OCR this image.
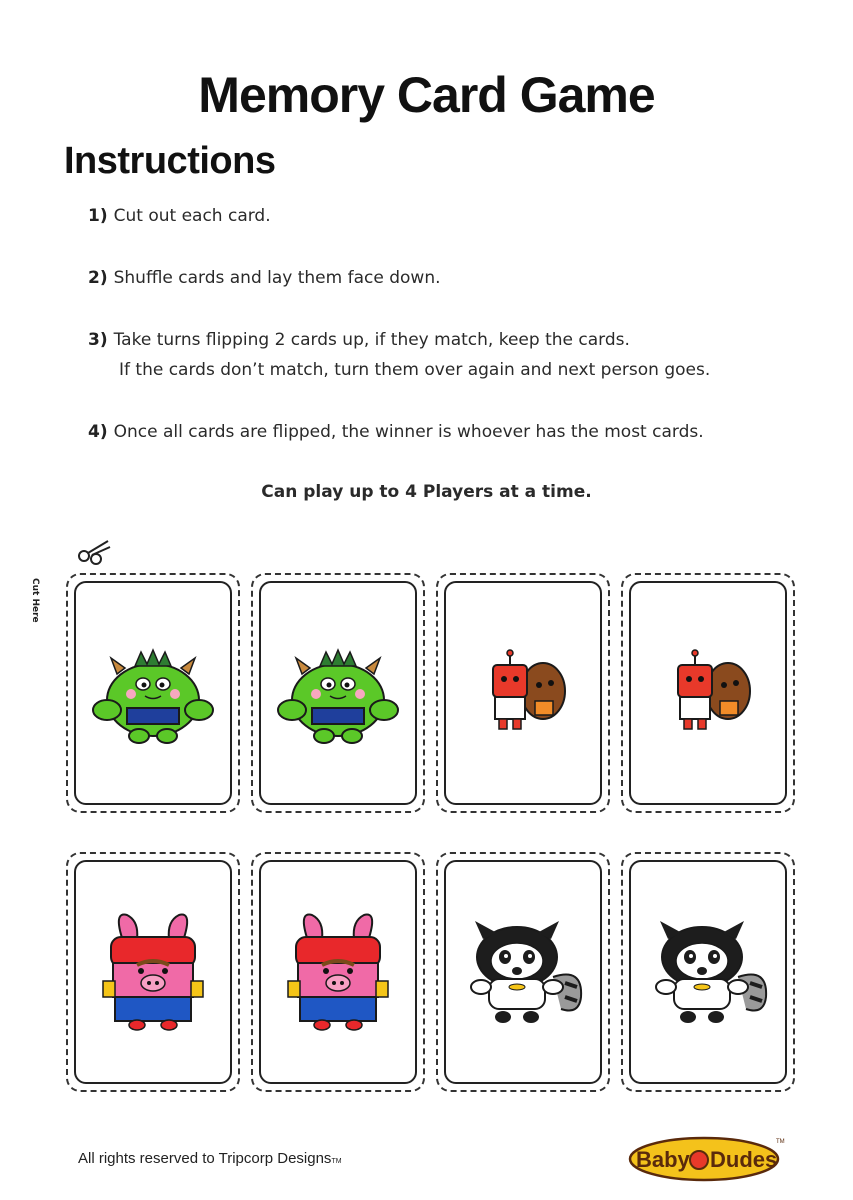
Memory Card Game
Instructions
1) Cut out each card.
2) Shuffle cards and lay them face down.
3) Take turns flipping 2 cards up, if they match, keep the cards.
If the cards don’t match, turn them over again and next person goes.
4) Once all cards are flipped, the winner is whoever has the most cards.
Can play up to 4 Players at a time.
Cut Here
All rights reserved to Tripcorp DesignsTM	Baby Dudes
TM
